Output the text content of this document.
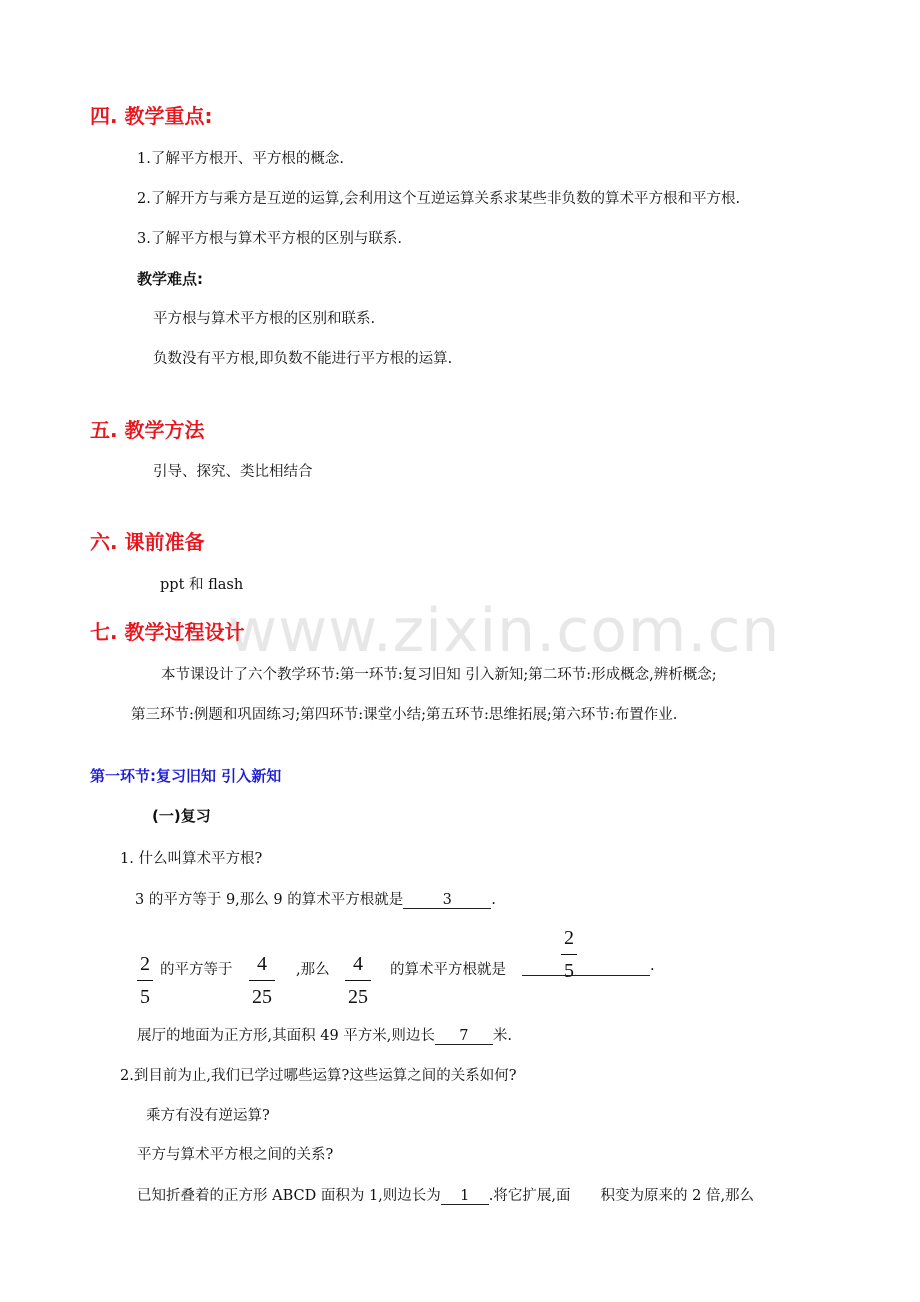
四. 教学重点:
1.了解平方根开、平方根的概念.
2.了解开方与乘方是互逆的运算,会利用这个互逆运算关系求某些非负数的算术平方根和平方根.
3.了解平方根与算术平方根的区别与联系.
教学难点:
平方根与算术平方根的区别和联系.
负数没有平方根,即负数不能进行平方根的运算.
五. 教学方法
引导、探究、类比相结合
六. 课前准备
ppt 和 flash
www.zixin.com.cn
七. 教学过程设计
本节课设计了六个教学环节:第一环节:复习旧知 引入新知;第二环节:形成概念,辨析概念;
第三环节:例题和巩固练习;第四环节:课堂小结;第五环节:思维拓展;第六环节:布置作业.
第一环节:复习旧知 引入新知
(一)复习
1. 什么叫算术平方根?
3 的平方等于 9,那么 9 的算术平方根就是	3	.
2
5
的平方等于	4
25
,那么	4
25
的算术平方根就是
2
5	.
展厅的地面为正方形,其面积 49 平方米,则边长 7 米.
2.到目前为止,我们已学过哪些运算?这些运算之间的关系如何?
乘方有没有逆运算?
平方与算术平方根之间的关系?
已知折叠着的正方形 ABCD 面积为 1,则边长为 1 .将它扩展,面 积变为原来的 2 倍,那么
